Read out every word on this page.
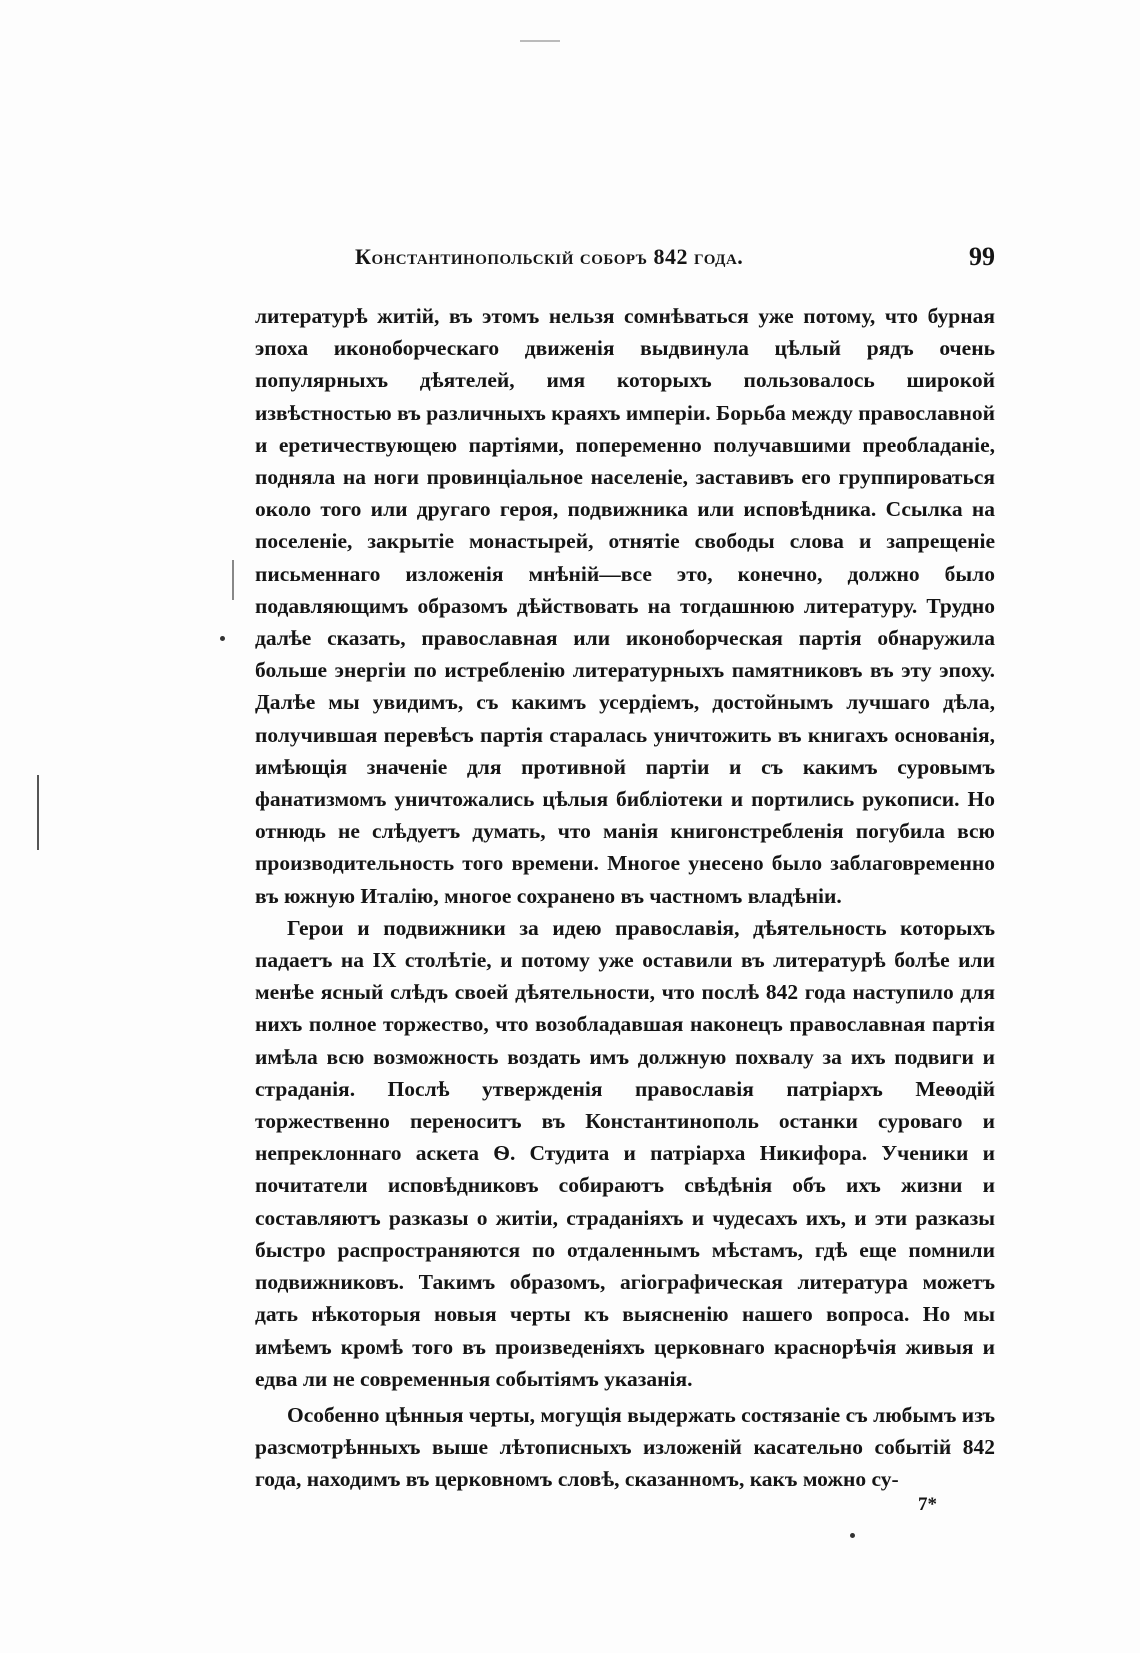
Константинопольскій соборъ 842 года.	99

литературѣ житій, въ этомъ нельзя сомнѣваться уже потому, что бурная эпоха иконоборческаго движенія выдвинула цѣлый рядъ очень популярныхъ дѣятелей, имя которыхъ пользовалось широкой извѣстностью въ различныхъ краяхъ имперіи. Борьба между православной и еретичествующею партіями, попеременно получавшими преобладаніе, подняла на ноги провинціальное населеніе, заставивъ его группироваться около того или другаго героя, подвижника или исповѣдника. Ссылка на поселеніе, закрытіе монастырей, отнятіе свободы слова и запрещеніе письменнаго изложенія мнѣній—все это, конечно, должно было подавляющимъ образомъ дѣйствовать на тогдашнюю литературу. Трудно далѣе сказать, православная или иконоборческая партія обнаружила больше энергіи по истребленію литературныхъ памятниковъ въ эту эпоху. Далѣе мы увидимъ, съ какимъ усердіемъ, достойнымъ лучшаго дѣла, получившая перевѣсъ партія старалась уничтожить въ книгахъ основанія, имѣющія значеніе для противной партіи и съ какимъ суровымъ фанатизмомъ уничтожались цѣлыя библіотеки и портились рукописи. Но отнюдь не слѣдуетъ думать, что манія книгонстребленія погубила всю производительность того времени. Многое унесено было заблаговременно въ южную Италію, многое сохранено въ частномъ владѣніи.

Герои и подвижники за идею православія, дѣятельность которыхъ падаетъ на IX столѣтіе, и потому уже оставили въ литературѣ болѣе или менѣе ясный слѣдъ своей дѣятельности, что послѣ 842 года наступило для нихъ полное торжество, что возобладавшая наконецъ православная партія имѣла всю возможность воздать имъ должную похвалу за ихъ подвиги и страданія. Послѣ утвержденія православія патріархъ Меѳодій торжественно переноситъ въ Константинополь останки суроваго и непреклоннаго аскета Ѳ. Студита и патріарха Никифора. Ученики и почитатели исповѣдниковъ собираютъ свѣдѣнія объ ихъ жизни и составляютъ разказы о житіи, страданіяхъ и чудесахъ ихъ, и эти разказы быстро распространяются по отдаленнымъ мѣстамъ, гдѣ еще помнили подвижниковъ. Такимъ образомъ, агіографическая литература можетъ дать нѣкоторыя новыя черты къ выясненію нашего вопроса. Но мы имѣемъ кромѣ того въ произведеніяхъ церковнаго краснорѣчія живыя и едва ли не современныя событіямъ указанія.

Особенно цѣнныя черты, могущія выдержать состязаніе съ любымъ изъ разсмотрѣнныхъ выше лѣтописныхъ изложеній касательно событій 842 года, находимъ въ церковномъ словѣ, сказанномъ, какъ можно су-

7*
